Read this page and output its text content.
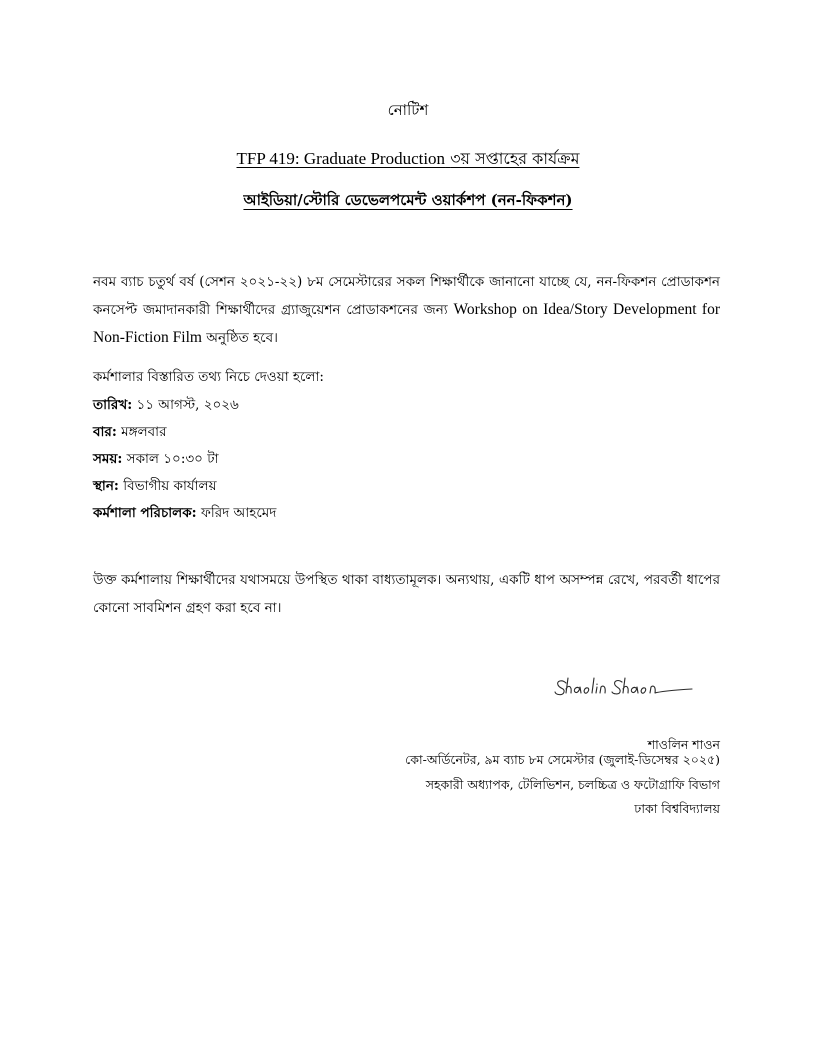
নোটিশ
TFP 419: Graduate Production ৩য় সপ্তাহের কার্যক্রম
আইডিয়া/স্টোরি ডেভেলপমেন্ট ওয়ার্কশপ (নন-ফিকশন)
নবম ব্যাচ চতুর্থ বর্ষ (সেশন ২০২১-২২) ৮ম সেমেস্টারের সকল শিক্ষার্থীকে জানানো যাচ্ছে যে, নন-ফিকশন প্রোডাকশন কনসেপ্ট জমাদানকারী শিক্ষার্থীদের গ্র্যাজুয়েশন প্রোডাকশনের জন্য Workshop on Idea/Story Development for Non-Fiction Film অনুষ্ঠিত হবে।
কর্মশালার বিস্তারিত তথ্য নিচে দেওয়া হলো:
তারিখ: ১১ আগস্ট, ২০২৬
বার: মঙ্গলবার
সময়: সকাল ১০:৩০ টা
স্থান: বিভাগীয় কার্যালয়
কর্মশালা পরিচালক: ফরিদ আহমেদ
উক্ত কর্মশালায় শিক্ষার্থীদের যথাসময়ে উপস্থিত থাকা বাধ্যতামূলক। অন্যথায়, একটি ধাপ অসম্পন্ন রেখে, পরবর্তী ধাপের কোনো সাবমিশন গ্রহণ করা হবে না।
শাওলিন শাওন
কো-অর্ডিনেটর, ৯ম ব্যাচ ৮ম সেমেস্টার (জুলাই-ডিসেম্বর ২০২৫)
সহকারী অধ্যাপক, টেলিভিশন, চলচ্চিত্র ও ফটোগ্রাফি বিভাগ
ঢাকা বিশ্ববিদ্যালয়
